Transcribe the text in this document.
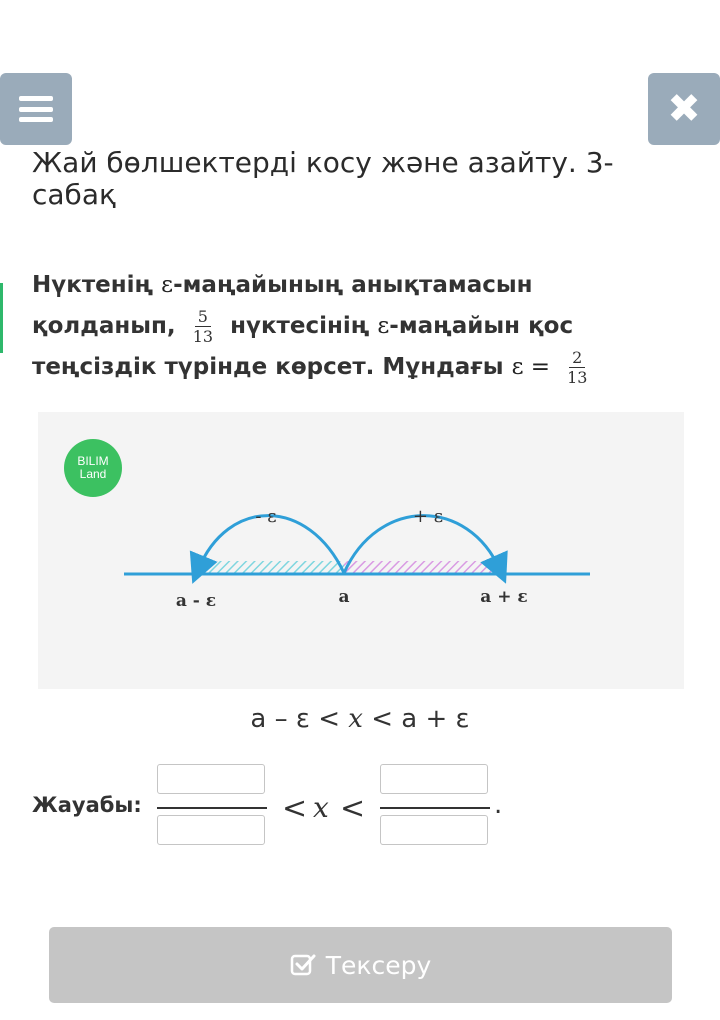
✖
Жай бөлшектерді косу және азайту. 3-сабақ
Нүктенің ε-маңайының анықтамасын қолданып, $\frac{5}{13}$ нүктесінің ε-маңайын қос теңсіздік түрінде көрсет. Мұндағы $\varepsilon = \frac{2}{13}$
BILIM
Land
- ε	+ ε
a - ε	a	a + ε
a – ε < x < a + ε
Жауабы:	< x <	.
Тексеру
